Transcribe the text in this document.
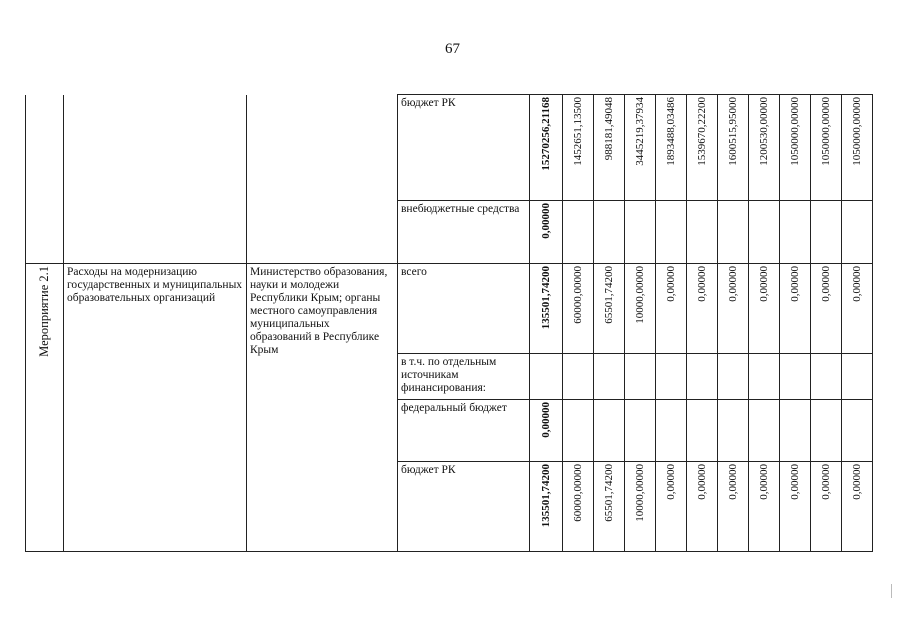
67
			бюджет РК	15270256,21168	1452651,13500	988181,49048	3445219,37934	1893488,03486	1539670,22200	1600515,95000	1200530,00000	1050000,00000	1050000,00000	1050000,00000
			внебюджетные средства	0,00000										
Мероприятие 2.1	Расходы на модернизацию государственных и муниципальных образовательных организаций	Министерство образования, науки и молодежи Республики Крым; органы местного самоуправления муниципальных образований в Республике Крым	всего	135501,74200	60000,00000	65501,74200	10000,00000	0,00000	0,00000	0,00000	0,00000	0,00000	0,00000	0,00000
			в т.ч. по отдельным источникам финансирования:											
			федеральный бюджет	0,00000										
			бюджет РК	135501,74200	60000,00000	65501,74200	10000,00000	0,00000	0,00000	0,00000	0,00000	0,00000	0,00000	0,00000
